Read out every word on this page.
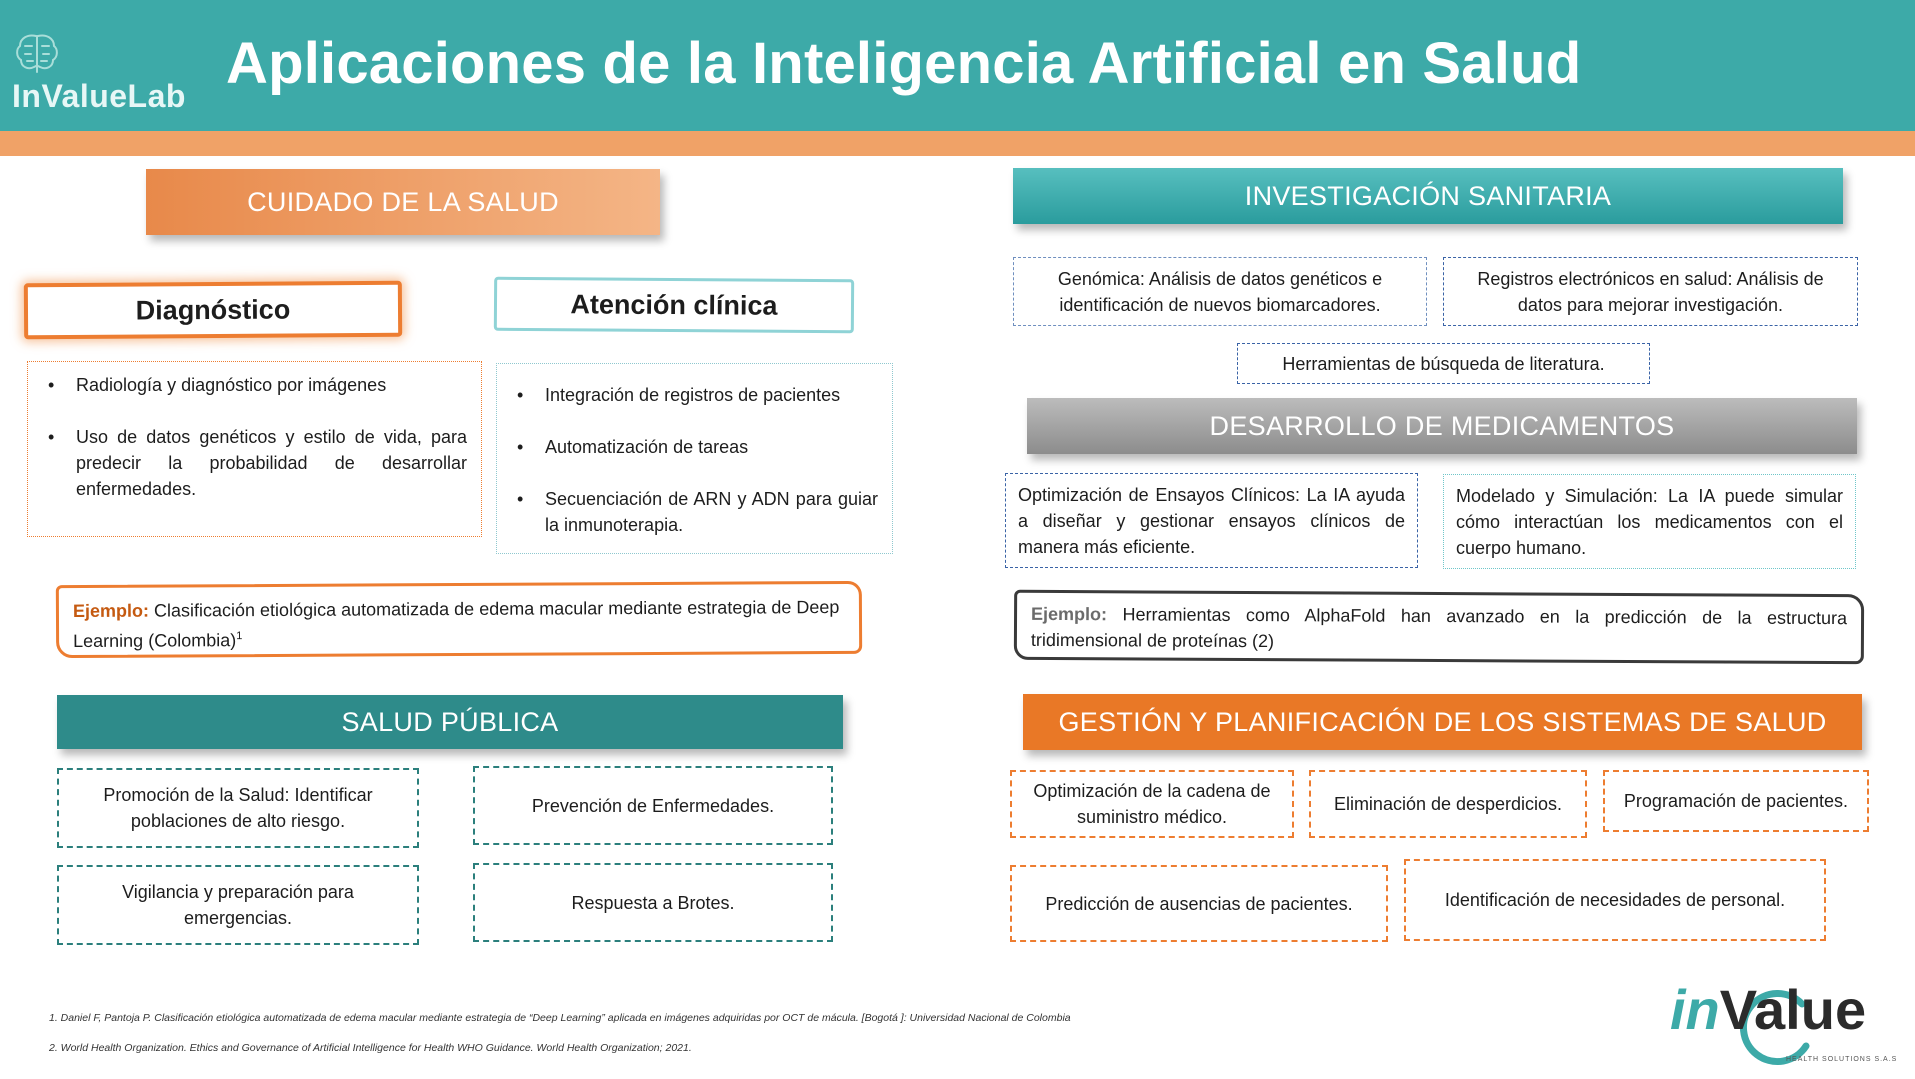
InValueLab Aplicaciones de la Inteligencia Artificial en Salud
CUIDADO DE LA SALUD
Diagnóstico	Atención clínica
• Radiología y diagnóstico por imágenes
• Uso de datos genéticos y estilo de vida, para predecir la probabilidad de desarrollar enfermedades.
• Integración de registros de pacientes
• Automatización de tareas
• Secuenciación de ARN y ADN para guiar la inmunoterapia.
Ejemplo: Clasificación etiológica automatizada de edema macular mediante estrategia de Deep Learning (Colombia)$^1$
INVESTIGACIÓN SANITARIA
Genómica: Análisis de datos genéticos e identificación de nuevos biomarcadores.
Registros electrónicos en salud: Análisis de datos para mejorar investigación.
Herramientas de búsqueda de literatura.
DESARROLLO DE MEDICAMENTOS
Optimización de Ensayos Clínicos: La IA ayuda a diseñar y gestionar ensayos clínicos de manera más eficiente.
Modelado y Simulación: La IA puede simular cómo interactúan los medicamentos con el cuerpo humano.
Ejemplo: Herramientas como AlphaFold han avanzado en la predicción de la estructura tridimensional de proteínas (2)
SALUD PÚBLICA
Promoción de la Salud: Identificar poblaciones de alto riesgo.
Prevención de Enfermedades.
Vigilancia y preparación para emergencias.
Respuesta a Brotes.
GESTIÓN Y PLANIFICACIÓN DE LOS SISTEMAS DE SALUD
Optimización de la cadena de suministro médico.
Eliminación de desperdicios.	Programación de pacientes.
Predicción de ausencias de pacientes.	Identificación de necesidades de personal.
1. Daniel F, Pantoja P. Clasificación etiológica automatizada de edema macular mediante estrategia de “Deep Learning” aplicada en imágenes adquiridas por OCT de mácula. [Bogotá ]: Universidad Nacional de Colombia
2. World Health Organization. Ethics and Governance of Artificial Intelligence for Health WHO Guidance. World Health Organization; 2021.
inValue
HEALTH SOLUTIONS S.A.S
